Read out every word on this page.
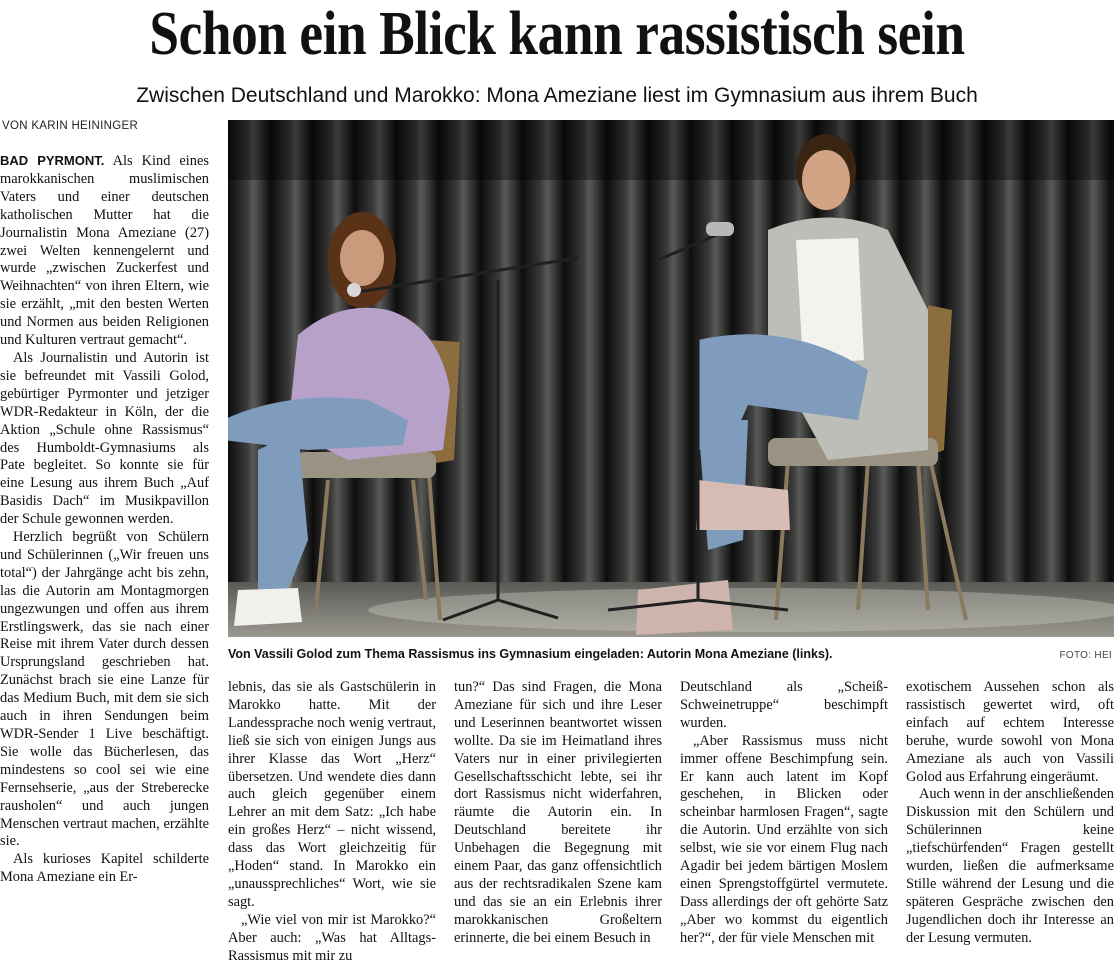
Schon ein Blick kann rassistisch sein
Zwischen Deutschland und Marokko: Mona Ameziane liest im Gymnasium aus ihrem Buch
VON KARIN HEININGER

BAD PYRMONT. Als Kind eines marokkanischen muslimischen Vaters und einer deutschen katholischen Mutter hat die Journalistin Mona Ameziane (27) zwei Welten kennengelernt und wurde „zwischen Zuckerfest und Weihnachten“ von ihren Eltern, wie sie erzählt, „mit den besten Werten und Normen aus beiden Religionen und Kulturen vertraut gemacht“.

Als Journalistin und Autorin ist sie befreundet mit Vassili Golod, gebürtiger Pyrmonter und jetziger WDR-Redakteur in Köln, der die Aktion „Schule ohne Rassismus“ des Humboldt-Gymnasiums als Pate begleitet. So konnte sie für eine Lesung aus ihrem Buch „Auf Basidis Dach“ im Musikpavillon der Schule gewonnen werden.

Herzlich begrüßt von Schülern und Schülerinnen („Wir freuen uns total“) der Jahrgänge acht bis zehn, las die Autorin am Montagmorgen ungezwungen und offen aus ihrem Erstlingswerk, das sie nach einer Reise mit ihrem Vater durch dessen Ursprungsland geschrieben hat. Zunächst brach sie eine Lanze für das Medium Buch, mit dem sie sich auch in ihren Sendungen beim WDR-Sender 1 Live beschäftigt. Sie wolle das Bücherlesen, das mindestens so cool sei wie eine Fernsehserie, „aus der Streberecke rausholen“ und auch jungen Menschen vertraut machen, erzählte sie.

Als kurioses Kapitel schilderte Mona Ameziane ein Er-

Von Vassili Golod zum Thema Rassismus ins Gymnasium eingeladen: Autorin Mona Ameziane (links).	FOTO: HEI

lebnis, das sie als Gastschülerin in Marokko hatte. Mit der Landessprache noch wenig vertraut, ließ sie sich von einigen Jungs aus ihrer Klasse das Wort „Herz“ übersetzen. Und wendete dies dann auch gleich gegenüber einem Lehrer an mit dem Satz: „Ich habe ein großes Herz“ – nicht wissend, dass das Wort gleichzeitig für „Hoden“ stand. In Marokko ein „unaussprechliches“ Wort, wie sie sagt.

„Wie viel von mir ist Marokko?“ Aber auch: „Was hat Alltags-Rassismus mit mir zu

tun?“ Das sind Fragen, die Mona Ameziane für sich und ihre Leser und Leserinnen beantwortet wissen wollte. Da sie im Heimatland ihres Vaters nur in einer privilegierten Gesellschaftsschicht lebte, sei ihr dort Rassismus nicht widerfahren, räumte die Autorin ein. In Deutschland bereitete ihr Unbehagen die Begegnung mit einem Paar, das ganz offensichtlich aus der rechtsradikalen Szene kam und das sie an ein Erlebnis ihrer marokkanischen Großeltern erinnerte, die bei einem Besuch in

Deutschland als „Scheiß-Schweinetruppe“ beschimpft wurden.

„Aber Rassismus muss nicht immer offene Beschimpfung sein. Er kann auch latent im Kopf geschehen, in Blicken oder scheinbar harmlosen Fragen“, sagte die Autorin. Und erzählte von sich selbst, wie sie vor einem Flug nach Agadir bei jedem bärtigen Moslem einen Sprengstoffgürtel vermutete. Dass allerdings der oft gehörte Satz „Aber wo kommst du eigentlich her?“, der für viele Menschen mit

exotischem Aussehen schon als rassistisch gewertet wird, oft einfach auf echtem Interesse beruhe, wurde sowohl von Mona Ameziane als auch von Vassili Golod aus Erfahrung eingeräumt.

Auch wenn in der anschließenden Diskussion mit den Schülern und Schülerinnen keine „tiefschürfenden“ Fragen gestellt wurden, ließen die aufmerksame Stille während der Lesung und die späteren Gespräche zwischen den Jugendlichen doch ihr Interesse an der Lesung vermuten.
